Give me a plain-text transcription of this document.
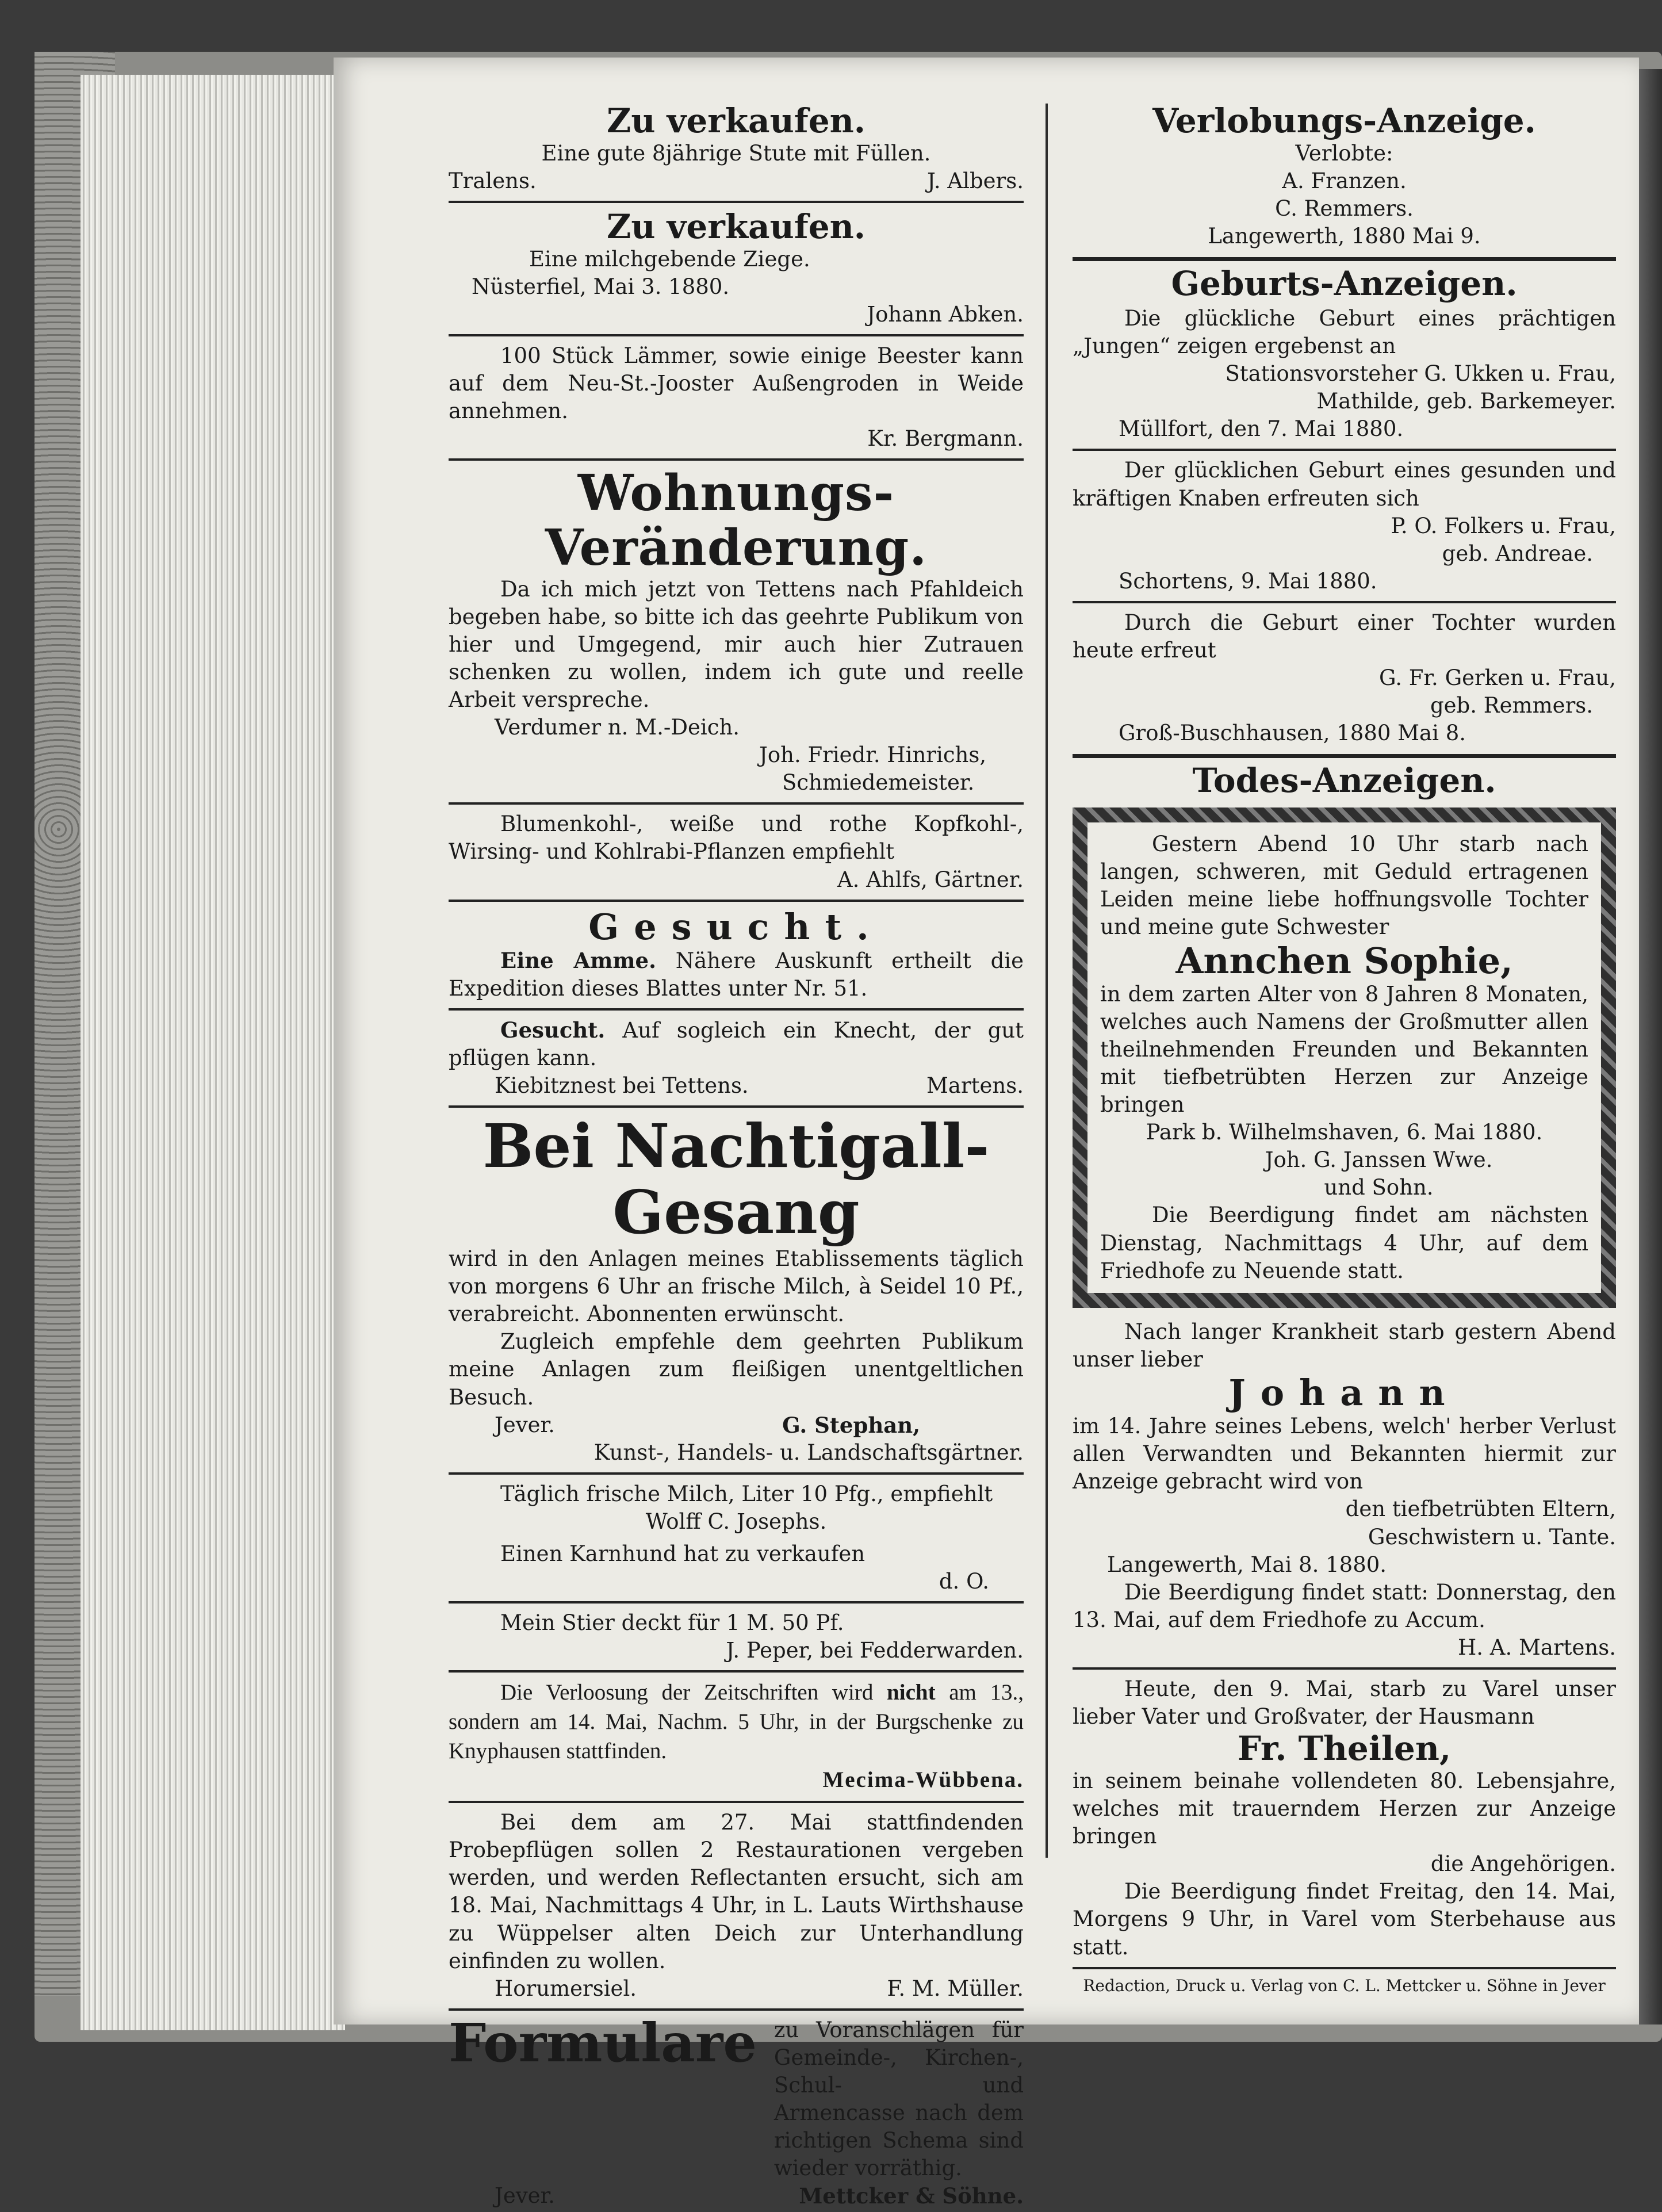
Zu verkaufen.

Eine gute 8jährige Stute mit Füllen.
Tralens.	J. Albers.

Zu verkaufen.

Eine milchgebende Ziege.
Nüsterfiel, Mai 3. 1880.
Johann Abken.

100 Stück Lämmer, sowie einige Beester kann auf dem Neu-St.-Jooster Außengroden in Weide annehmen.

Kr. Bergmann.

Wohnungs-Veränderung.

Da ich mich jetzt von Tettens nach Pfahldeich begeben habe, so bitte ich das geehrte Publikum von hier und Umgegend, mir auch hier Zutrauen schenken zu wollen, indem ich gute und reelle Arbeit verspreche.

Verdumer n. M.-Deich.
Joh. Friedr. Hinrichs,
Schmiedemeister.

Blumenkohl-, weiße und rothe Kopfkohl-, Wirsing- und Kohlrabi-Pflanzen empfiehlt

A. Ahlfs, Gärtner.

Gesucht.

Eine Amme. Nähere Auskunft ertheilt die Expedition dieses Blattes unter Nr. 51.

Gesucht. Auf sogleich ein Knecht, der gut pflügen kann.

Kiebitznest bei Tettens.	Martens.

Bei Nachtigall-Gesang

wird in den Anlagen meines Etablissements täglich von morgens 6 Uhr an frische Milch, à Seidel 10 Pf., verabreicht. Abonnenten erwünscht.

Zugleich empfehle dem geehrten Publikum meine Anlagen zum fleißigen unentgeltlichen Besuch.

Jever.	G. Stephan,
Kunst-, Handels- u. Landschaftsgärtner.

Täglich frische Milch, Liter 10 Pfg., empfiehlt

Wolff C. Josephs.

Einen Karnhund hat zu verkaufen

d. O.

Mein Stier deckt für 1 M. 50 Pf.

J. Peper, bei Fedderwarden.

Die Verloosung der Zeitschriften wird nicht am 13., sondern am 14. Mai, Nachm. 5 Uhr, in der Burgschenke zu Knyphausen stattfinden.

Mecima-Wübbena.

Bei dem am 27. Mai stattfindenden Probepflügen sollen 2 Restaurationen vergeben werden, und werden Reflectanten ersucht, sich am 18. Mai, Nachmittags 4 Uhr, in L. Lauts Wirthshause zu Wüppelser alten Deich zur Unterhandlung einfinden zu wollen.

Horumersiel.	F. M. Müller.
Formulare zu Voranschlägen für Gemeinde-, Kirchen-, Schul- und Armencasse nach dem richtigen Schema sind wieder vorräthig.

Jever.	Mettcker & Söhne.

Verlobungs-Anzeige.

Verlobte:
A. Franzen.
C. Remmers.
Langewerth, 1880 Mai 9.

Geburts-Anzeigen.

Die glückliche Geburt eines prächtigen „Jungen“ zeigen ergebenst an

Stationsvorsteher G. Ukken u. Frau,
Mathilde, geb. Barkemeyer.
Müllfort, den 7. Mai 1880.

Der glücklichen Geburt eines gesunden und kräftigen Knaben erfreuten sich

P. O. Folkers u. Frau,
geb. Andreae.
Schortens, 9. Mai 1880.

Durch die Geburt einer Tochter wurden heute erfreut

G. Fr. Gerken u. Frau,
geb. Remmers.
Groß-Buschhausen, 1880 Mai 8.

Todes-Anzeigen.

Gestern Abend 10 Uhr starb nach langen, schweren, mit Geduld ertragenen Leiden meine liebe hoffnungsvolle Tochter und meine gute Schwester

Annchen Sophie,

in dem zarten Alter von 8 Jahren 8 Monaten, welches auch Namens der Großmutter allen theilnehmenden Freunden und Bekannten mit tiefbetrübten Herzen zur Anzeige bringen

Park b. Wilhelmshaven, 6. Mai 1880.
Joh. G. Janssen Wwe.
und Sohn.

Die Beerdigung findet am nächsten Dienstag, Nachmittags 4 Uhr, auf dem Friedhofe zu Neuende statt.

Nach langer Krankheit starb gestern Abend unser lieber

Johann

im 14. Jahre seines Lebens, welch' herber Verlust allen Verwandten und Bekannten hiermit zur Anzeige gebracht wird von

den tiefbetrübten Eltern,
Geschwistern u. Tante.
Langewerth, Mai 8. 1880.

Die Beerdigung findet statt: Donnerstag, den 13. Mai, auf dem Friedhofe zu Accum.

H. A. Martens.

Heute, den 9. Mai, starb zu Varel unser lieber Vater und Großvater, der Hausmann

Fr. Theilen,

in seinem beinahe vollendeten 80. Lebensjahre, welches mit trauerndem Herzen zur Anzeige bringen

die Angehörigen.

Die Beerdigung findet Freitag, den 14. Mai, Morgens 9 Uhr, in Varel vom Sterbehause aus statt.

Redaction, Druck u. Verlag von C. L. Mettcker u. Söhne in Jever
